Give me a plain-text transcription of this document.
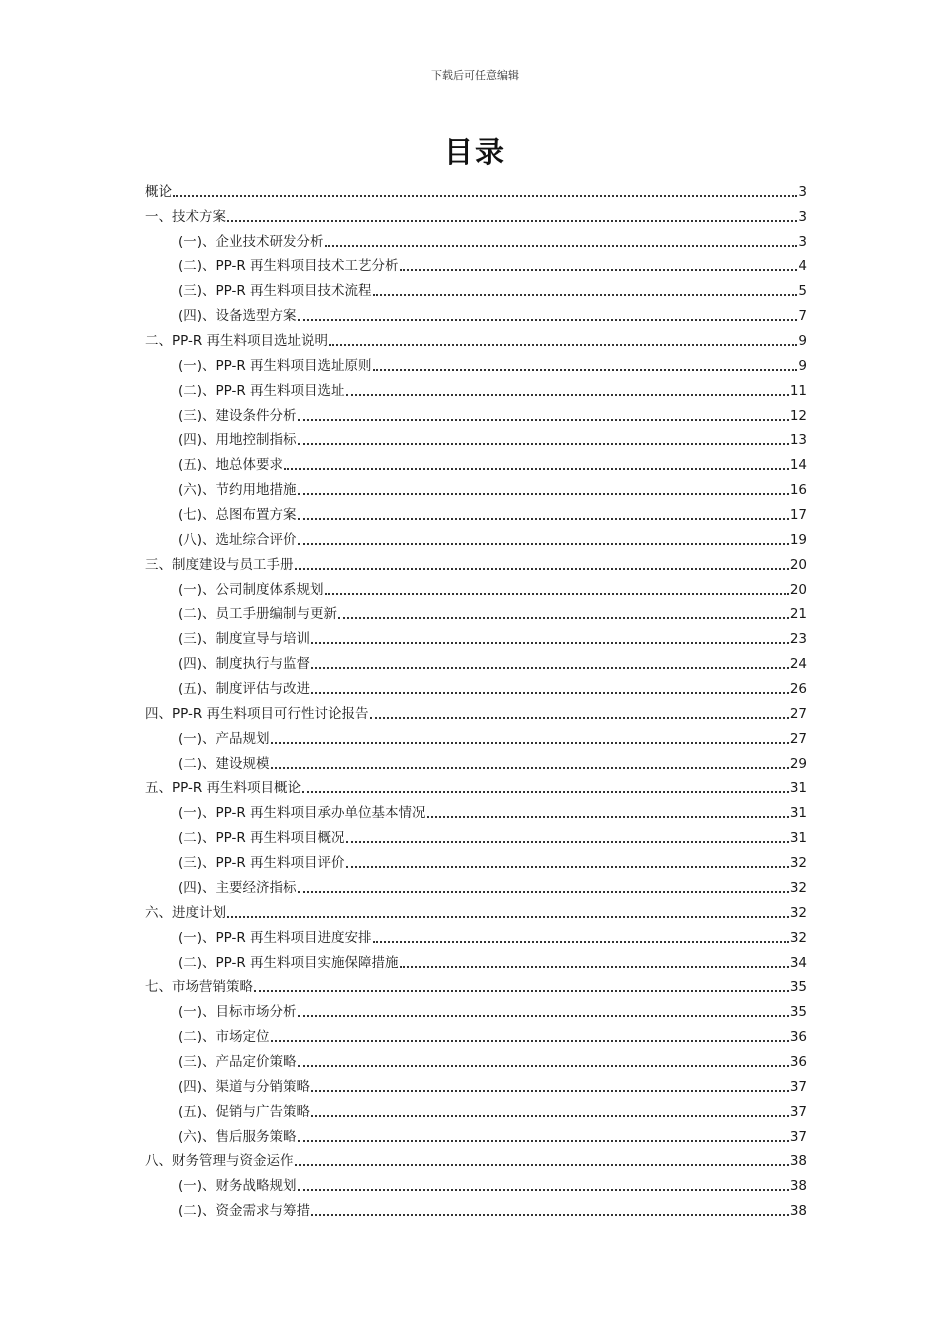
下载后可任意编辑
目录
概论	3
一、技术方案	3
(一)、企业技术研发分析	3
(二)、PP-R 再生料项目技术工艺分析	4
(三)、PP-R 再生料项目技术流程	5
(四)、设备选型方案	7
二、PP-R 再生料项目选址说明	9
(一)、PP-R 再生料项目选址原则	9
(二)、PP-R 再生料项目选址	11
(三)、建设条件分析	12
(四)、用地控制指标	13
(五)、地总体要求	14
(六)、节约用地措施	16
(七)、总图布置方案	17
(八)、选址综合评价	19
三、制度建设与员工手册	20
(一)、公司制度体系规划	20
(二)、员工手册编制与更新	21
(三)、制度宣导与培训	23
(四)、制度执行与监督	24
(五)、制度评估与改进	26
四、PP-R 再生料项目可行性讨论报告	27
(一)、产品规划	27
(二)、建设规模	29
五、PP-R 再生料项目概论	31
(一)、PP-R 再生料项目承办单位基本情况	31
(二)、PP-R 再生料项目概况	31
(三)、PP-R 再生料项目评价	32
(四)、主要经济指标	32
六、进度计划	32
(一)、PP-R 再生料项目进度安排	32
(二)、PP-R 再生料项目实施保障措施	34
七、市场营销策略	35
(一)、目标市场分析	35
(二)、市场定位	36
(三)、产品定价策略	36
(四)、渠道与分销策略	37
(五)、促销与广告策略	37
(六)、售后服务策略	37
八、财务管理与资金运作	38
(一)、财务战略规划	38
(二)、资金需求与筹措	38
